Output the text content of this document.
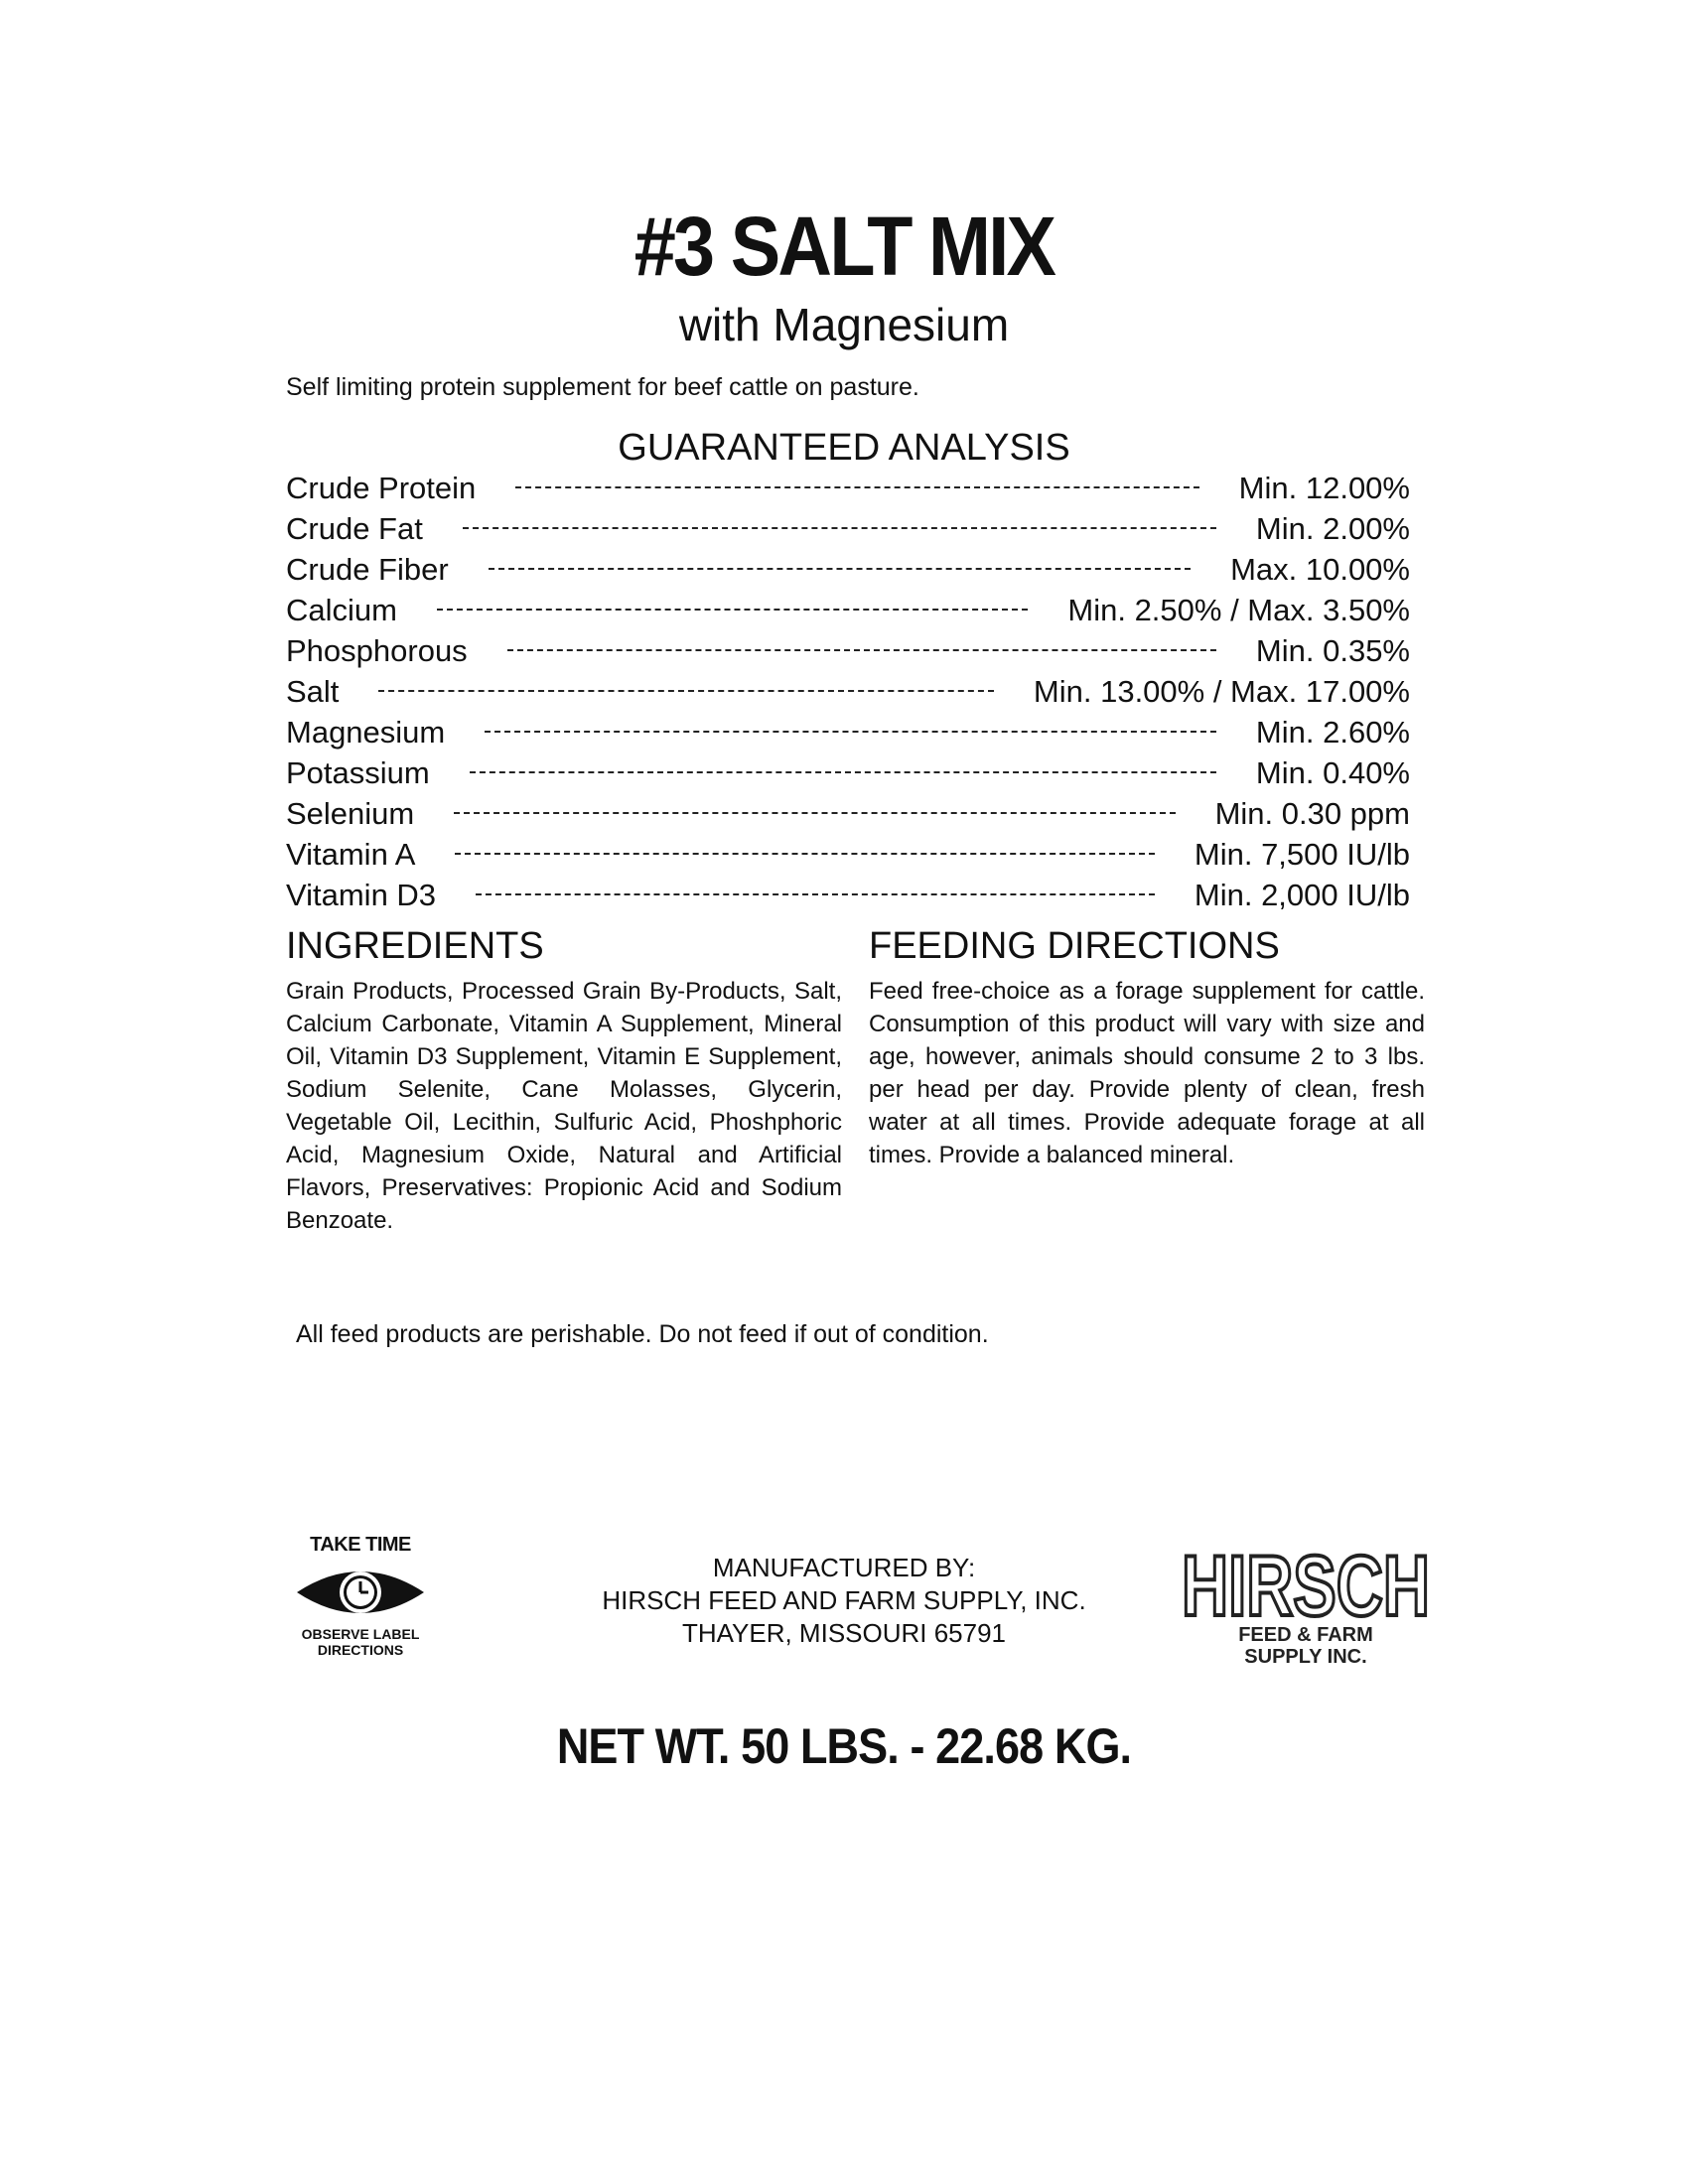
#3 SALT MIX
with Magnesium
Self limiting protein supplement for beef cattle on pasture.
GUARANTEED ANALYSIS
Crude Protein	Min. 12.00%
Crude Fat	Min. 2.00%
Crude Fiber	Max. 10.00%
Calcium	Min. 2.50% / Max. 3.50%
Phosphorous	Min. 0.35%
Salt	Min. 13.00% / Max. 17.00%
Magnesium	Min. 2.60%
Potassium	Min. 0.40%
Selenium	Min. 0.30 ppm
Vitamin A	Min. 7,500 IU/lb
Vitamin D3	Min. 2,000 IU/lb
INGREDIENTS
Grain Products, Processed Grain By-Products, Salt, Calcium Carbonate, Vitamin A Supplement, Mineral Oil, Vitamin D3 Supplement, Vitamin E Supplement, Sodium Selenite, Cane Molasses, Glycerin, Vegetable Oil, Lecithin, Sulfuric Acid, Phoshphoric Acid, Magnesium Oxide, Natural and Artificial Flavors, Preservatives: Propionic Acid and Sodium Benzoate.
FEEDING DIRECTIONS
Feed free-choice as a forage supplement for cattle. Consumption of this product will vary with size and age, however, animals should consume 2 to 3 lbs. per head per day. Provide plenty of clean, fresh water at all times. Provide adequate forage at all times. Provide a balanced mineral.
All feed products are perishable. Do not feed if out of condition.
TAKE TIME
OBSERVE LABEL
DIRECTIONS
MANUFACTURED BY:
HIRSCH FEED AND FARM SUPPLY, INC.
THAYER, MISSOURI 65791	HIRSCH
FEED & FARM
SUPPLY INC.
NET WT. 50 LBS. - 22.68 KG.
